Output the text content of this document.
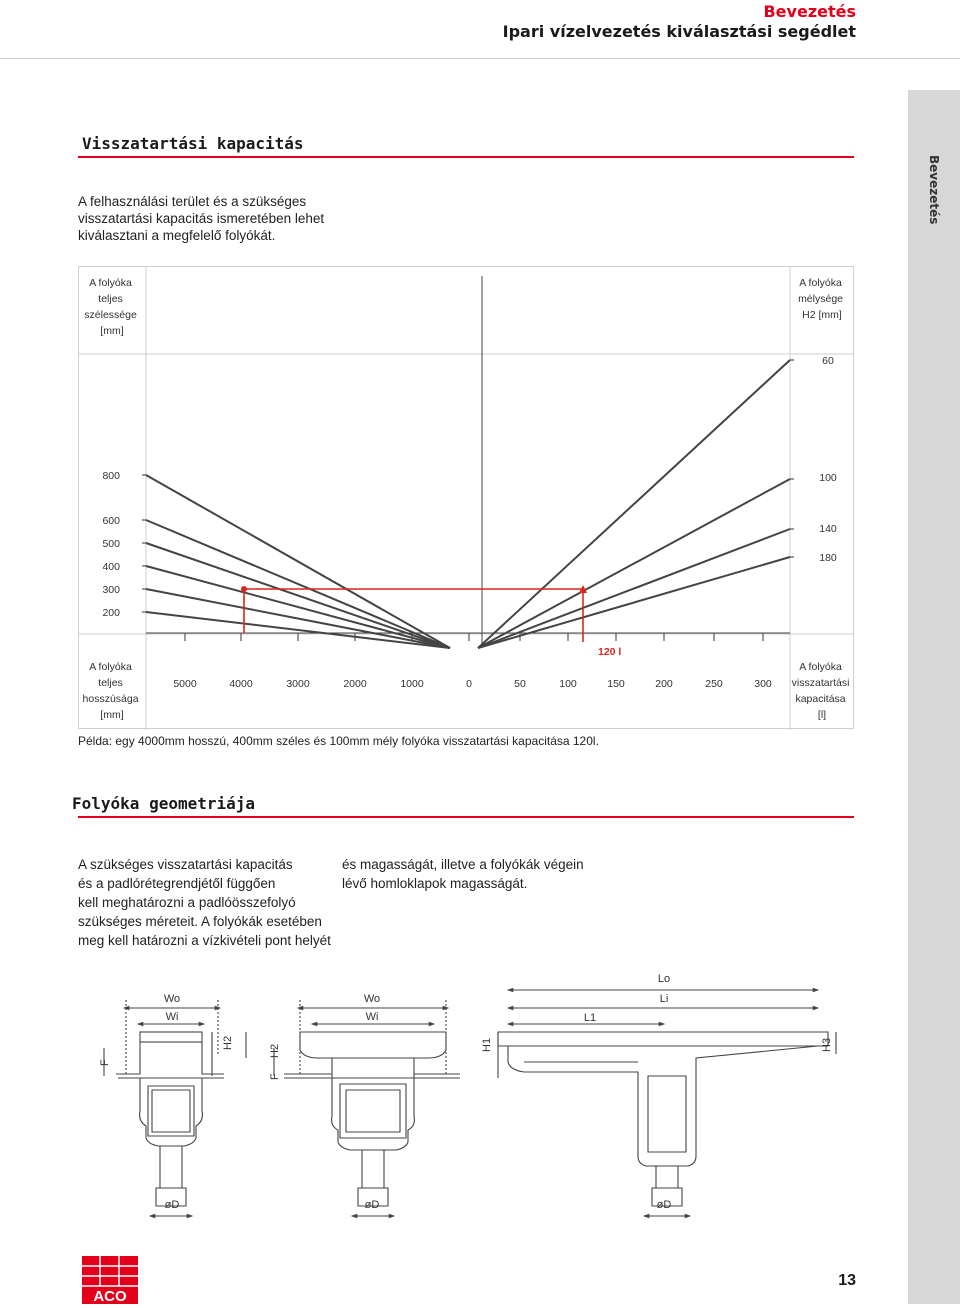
Bevezetés
Ipari vízelvezetés kiválasztási segédlet
Bevezetés
Visszatartási kapacitás
A felhasználási terület és a szükséges
visszatartási kapacitás ismeretében lehet
kiválasztani a megfelelő folyókát.
A folyóka teljes szélessége [mm]
A folyóka mélysége H2 [mm]
A folyóka teljes hosszúsága [mm]
A folyóka visszatartási kapacitása [l]
800
600
500
400
300
200
60
100
140
180
5000	4000	3000	2000	1000	0	50	100	150	200	250	300
120 l
Példa: egy 4000mm hosszú, 400mm széles és 100mm mély folyóka visszatartási kapacitása 120l.
Folyóka geometriája
A szükséges visszatartási kapacitás
és a padlórétegrendjétől függően
kell meghatározni a padlóösszefolyó
szükséges méreteit. A folyókák esetében
meg kell határozni a vízkivételi pont helyét
és magasságát, illetve a folyókák végein
lévő homloklapok magasságát.
Wo
Wi
øD
Wo
Wi
øD
Lo
Li
L1
øD
F
H2
F
H2	H1	H3
ACO
13
